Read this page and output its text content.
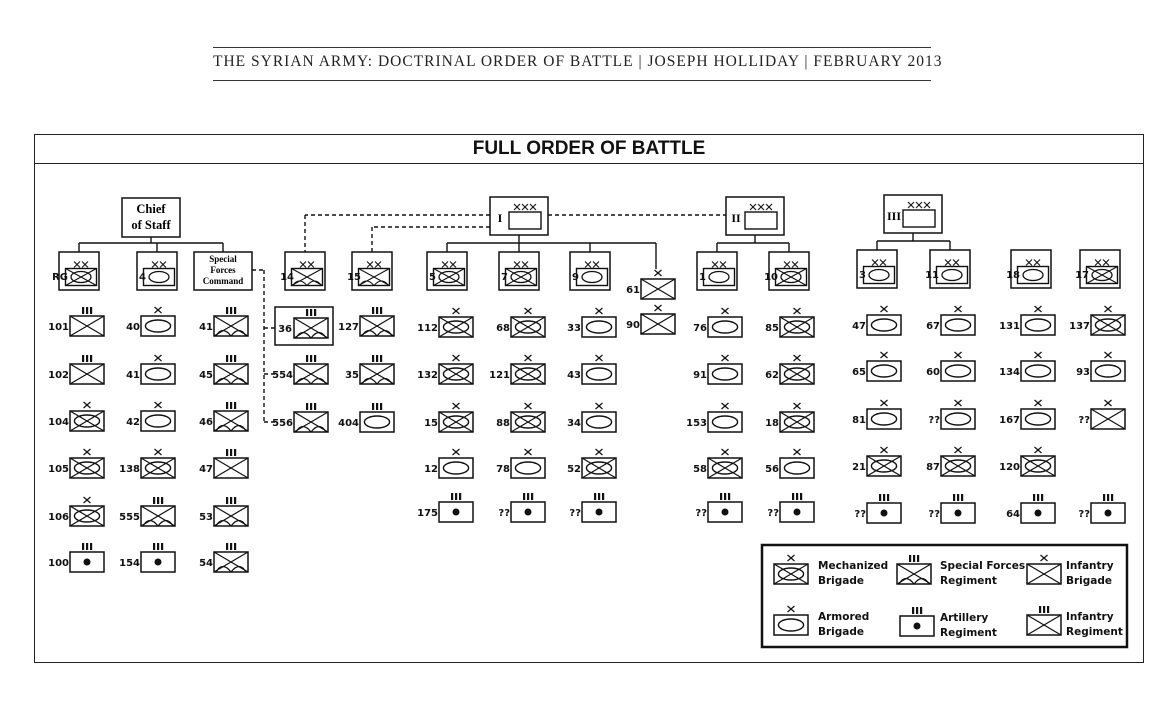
THE SYRIAN ARMY: DOCTRINAL ORDER OF BATTLE | JOSEPH HOLLIDAY | FEBRUARY 2013
FULL ORDER OF BATTLE
Chief
of Staff
I	II	III
Special
Forces
Command
RG	4	14	15	5	7	9	1	10	3	11	18	17
101
102
104
105
106
100
40
41
42
138
555
154
41
45
46
47
53
54
554
556
127
35
404
112
132
15
12
175
68
121
88
78
??
33
43
34
52
??
76
91
153
58
??
85
62
18
56
??
47
65
81
21
??
67
60
??
87
??
131
134
167
120
64
137
93
??
??
61
90
36
Mechanized
Brigade
Special Forces
Regiment
Infantry
Brigade
Armored
Brigade
Artillery
Regiment
Infantry
Regiment
